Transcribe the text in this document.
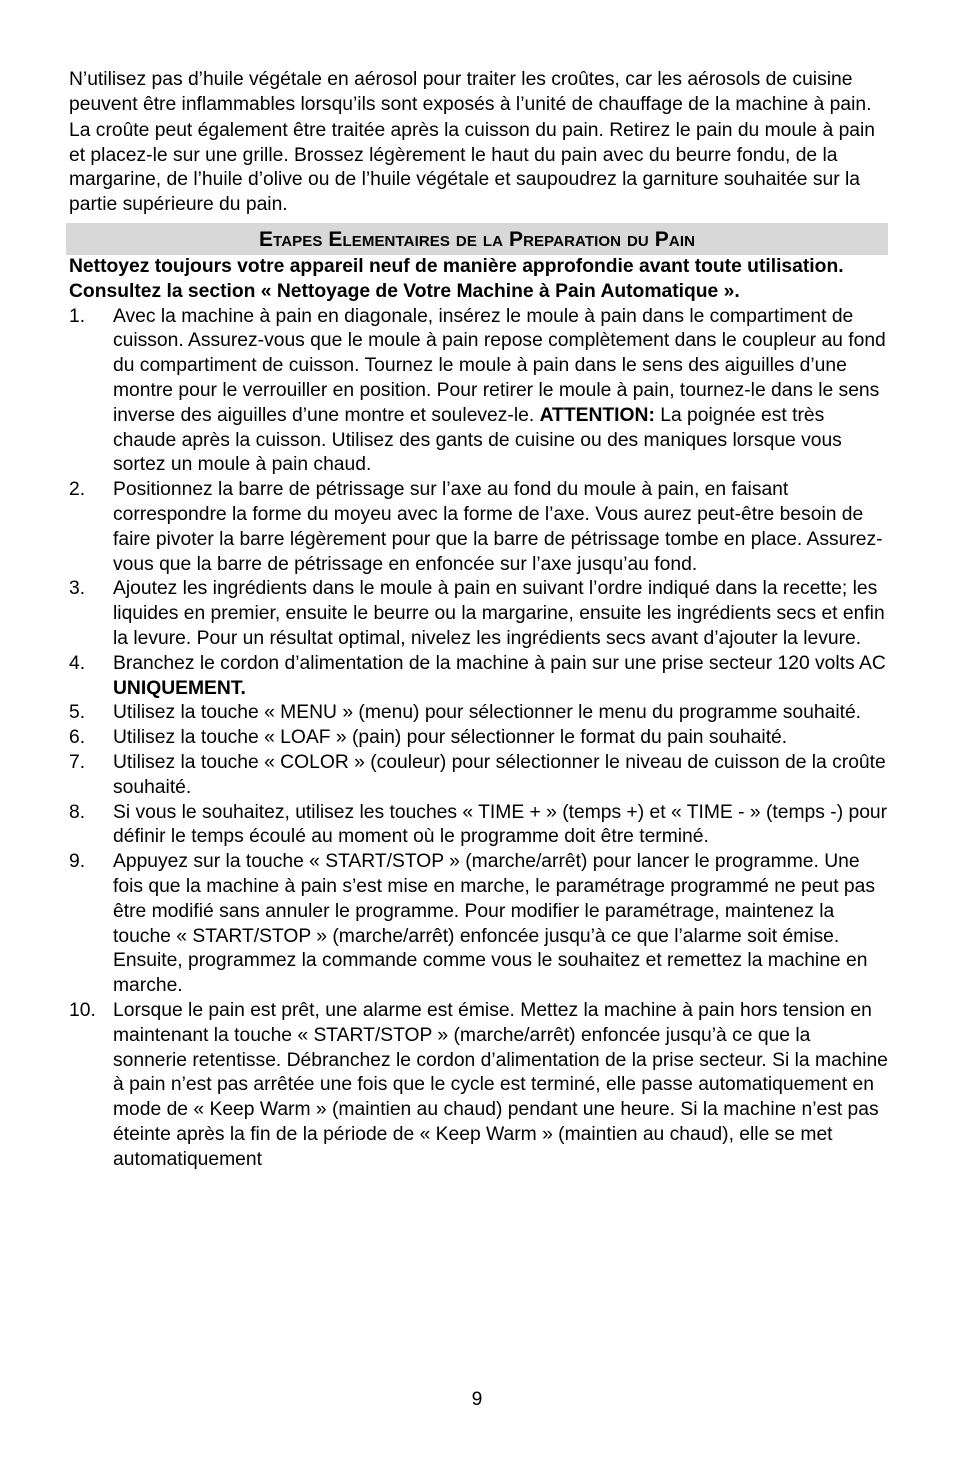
N’utilisez pas d’huile végétale en aérosol pour traiter les croûtes, car les aérosols de cuisine peuvent être inflammables lorsqu’ils sont exposés à l’unité de chauffage de la machine à pain.

La croûte peut également être traitée après la cuisson du pain. Retirez le pain du moule à pain et placez-le sur une grille. Brossez légèrement le haut du pain avec du beurre fondu, de la margarine, de l’huile d’olive ou de l’huile végétale et saupoudrez la garniture souhaitée sur la partie supérieure du pain.

Etapes Elementaires de la Preparation du Pain
Nettoyez toujours votre appareil neuf de manière approfondie avant toute utilisation. Consultez la section « Nettoyage de Votre Machine à Pain Automatique ».
1. Avec la machine à pain en diagonale, insérez le moule à pain dans le compartiment de cuisson. Assurez-vous que le moule à pain repose complètement dans le coupleur au fond du compartiment de cuisson. Tournez le moule à pain dans le sens des aiguilles d’une montre pour le verrouiller en position. Pour retirer le moule à pain, tournez-le dans le sens inverse des aiguilles d’une montre et soulevez-le. ATTENTION: La poignée est très chaude après la cuisson. Utilisez des gants de cuisine ou des maniques lorsque vous sortez un moule à pain chaud.
2. Positionnez la barre de pétrissage sur l’axe au fond du moule à pain, en faisant correspondre la forme du moyeu avec la forme de l’axe. Vous aurez peut-être besoin de faire pivoter la barre légèrement pour que la barre de pétrissage tombe en place. Assurez-vous que la barre de pétrissage en enfoncée sur l’axe jusqu’au fond.
3. Ajoutez les ingrédients dans le moule à pain en suivant l’ordre indiqué dans la recette; les liquides en premier, ensuite le beurre ou la margarine, ensuite les ingrédients secs et enfin la levure. Pour un résultat optimal, nivelez les ingrédients secs avant d’ajouter la levure.
4. Branchez le cordon d’alimentation de la machine à pain sur une prise secteur 120 volts AC UNIQUEMENT.
5. Utilisez la touche « MENU » (menu) pour sélectionner le menu du programme souhaité.
6. Utilisez la touche « LOAF » (pain) pour sélectionner le format du pain souhaité.
7. Utilisez la touche « COLOR » (couleur) pour sélectionner le niveau de cuisson de la croûte souhaité.
8. Si vous le souhaitez, utilisez les touches « TIME + » (temps +) et « TIME - » (temps -) pour définir le temps écoulé au moment où le programme doit être terminé.
9. Appuyez sur la touche « START/STOP » (marche/arrêt) pour lancer le programme. Une fois que la machine à pain s’est mise en marche, le paramétrage programmé ne peut pas être modifié sans annuler le programme. Pour modifier le paramétrage, maintenez la touche « START/STOP » (marche/arrêt) enfoncée jusqu’à ce que l’alarme soit émise. Ensuite, programmez la commande comme vous le souhaitez et remettez la machine en marche.
10. Lorsque le pain est prêt, une alarme est émise. Mettez la machine à pain hors tension en maintenant la touche « START/STOP » (marche/arrêt) enfoncée jusqu’à ce que la sonnerie retentisse. Débranchez le cordon d’alimentation de la prise secteur. Si la machine à pain n’est pas arrêtée une fois que le cycle est terminé, elle passe automatiquement en mode de « Keep Warm » (maintien au chaud) pendant une heure. Si la machine n’est pas éteinte après la fin de la période de « Keep Warm » (maintien au chaud), elle se met automatiquement
9
